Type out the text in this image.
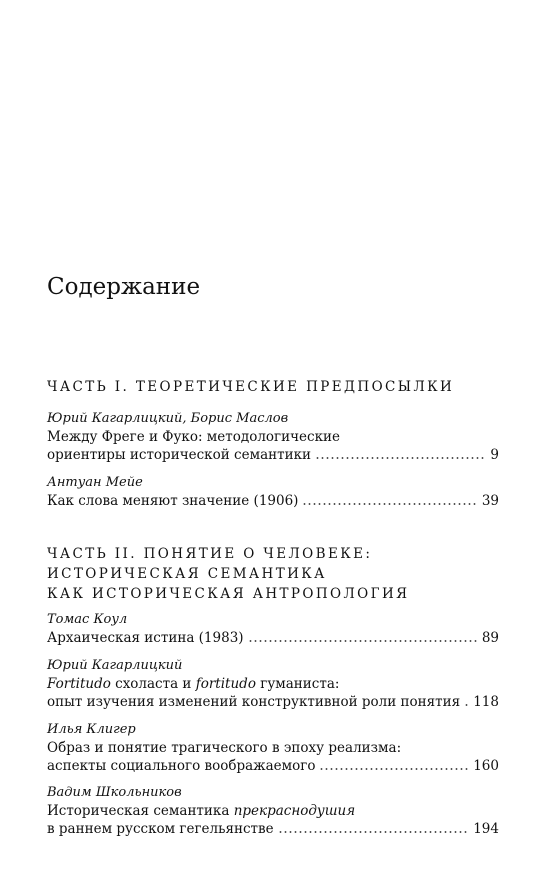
Содержание
ЧАСТЬ I. ТЕОРЕТИЧЕСКИЕ ПРЕДПОСЫЛКИ
Юрий Кагарлицкий, Борис Маслов
Между Фреге и Фуко: методологические
ориентиры исторической семантики	9
Антуан Мейе
Как слова меняют значение (1906)	39
ЧАСТЬ II. ПОНЯТИЕ О ЧЕЛОВЕКЕ:
ИСТОРИЧЕСКАЯ СЕМАНТИКА
КАК ИСТОРИЧЕСКАЯ АНТРОПОЛОГИЯ
Томас Коул
Архаическая истина (1983)	89
Юрий Кагарлицкий
Fortitudo схоласта и fortitudo гуманиста:
опыт изучения изменений конструктивной роли понятия 118
Илья Клигер
Образ и понятие трагического в эпоху реализма:
аспекты социального воображаемого	160
Вадим Школьников
Историческая семантика прекраснодушия
в раннем русском гегельянстве	194
